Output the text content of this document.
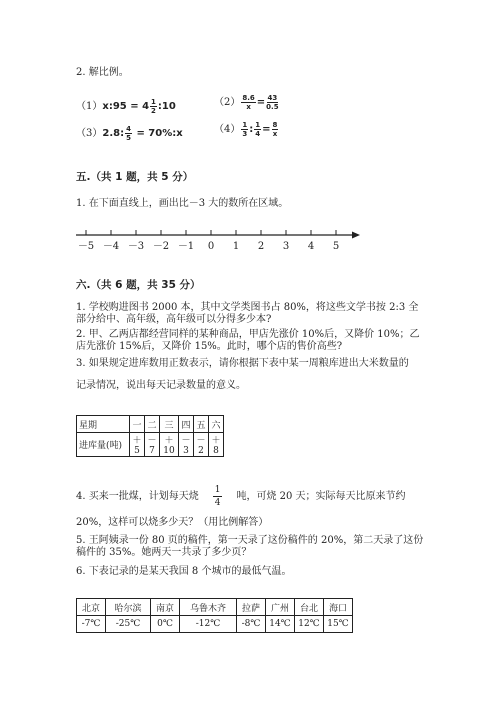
2. 解比例。
（1）x:95 = $4 \frac{1}{2}$ :10	$(2) \frac{8.6}{x} = \frac{43}{0.5}$
（3）2.8: $\frac{4}{5}$ = 70%:x	$(4) \frac{1}{3}$ : $\frac{1}{4} = \frac{8}{x}$
五.（共 1 题，共 5 分）
1. 在下面直线上，画出比－3 大的数所在区域。
－5 －4 －3 －2 －1 0 1 2 3 4 5
六.（共 6 题，共 35 分）
1. 学校购进图书 2000 本，其中文学类图书占 80%，将这些文学书按 2:3 全部分给中、高年级，高年级可以分得多少本?
2. 甲、乙两店都经营同样的某种商品，甲店先涨价 10%后，又降价 10%；乙店先涨价 15%后，又降价 15%。此时，哪个店的售价高些?
3. 如果规定进库数用正数表示，请你根据下表中某一周粮库进出大米数量的
记录情况，说出每天记录数量的意义。
星期	一	二	三	四	五	六
进库量(吨)	＋5	－7	＋10	－3	－2	＋8
4. 买来一批煤，计划每天烧 $\frac{1}{4}$ 吨，可烧 20 天；实际每天比原来节约
20%，这样可以烧多少天？（用比例解答）
5. 王阿姨录一份 80 页的稿件，第一天录了这份稿件的 20%，第二天录了这份稿件的 35%。她两天一共录了多少页？
6. 下表记录的是某天我国 8 个城市的最低气温。
北京	哈尔滨	南京	乌鲁木齐	拉萨	广州	台北	海口
-7℃	-25℃	0℃	-12℃	-8℃	14℃	12℃	15℃
